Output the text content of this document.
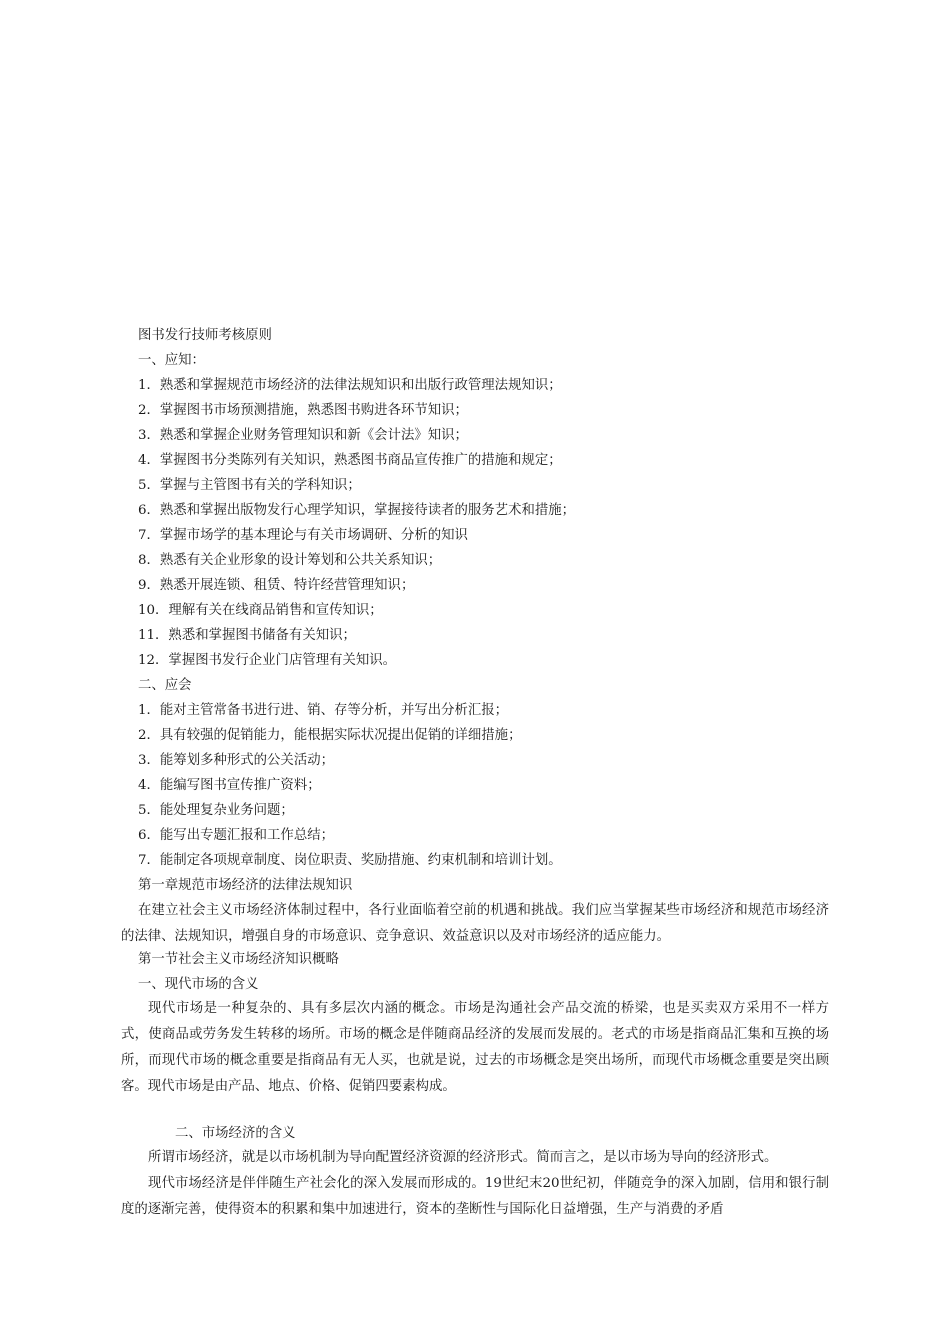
图书发行技师考核原则
一、应知：
1．熟悉和掌握规范市场经济的法律法规知识和出版行政管理法规知识；
2．掌握图书市场预测措施，熟悉图书购进各环节知识；
3．熟悉和掌握企业财务管理知识和新《会计法》知识；
4．掌握图书分类陈列有关知识，熟悉图书商品宣传推广的措施和规定；
5．掌握与主管图书有关的学科知识；
6．熟悉和掌握出版物发行心理学知识，掌握接待读者的服务艺术和措施；
7．掌握市场学的基本理论与有关市场调研、分析的知识
8．熟悉有关企业形象的设计筹划和公共关系知识；
9．熟悉开展连锁、租赁、特许经营管理知识；
10．理解有关在线商品销售和宣传知识；
11．熟悉和掌握图书储备有关知识；
12．掌握图书发行企业门店管理有关知识。
二、应会
1．能对主管常备书进行进、销、存等分析，并写出分析汇报；
2．具有较强的促销能力，能根据实际状况提出促销的详细措施；
3．能筹划多种形式的公关活动；
4．能编写图书宣传推广资料；
5．能处理复杂业务问题；
6．能写出专题汇报和工作总结；
7．能制定各项规章制度、岗位职责、奖励措施、约束机制和培训计划。
第一章规范市场经济的法律法规知识
在建立社会主义市场经济体制过程中，各行业面临着空前的机遇和挑战。我们应当掌握某些市场经济和规范市场经济的法律、法规知识，增强自身的市场意识、竞争意识、效益意识以及对市场经济的适应能力。
第一节社会主义市场经济知识概略
一、现代市场的含义
现代市场是一种复杂的、具有多层次内涵的概念。市场是沟通社会产品交流的桥梁，也是买卖双方采用不一样方式，使商品或劳务发生转移的场所。市场的概念是伴随商品经济的发展而发展的。老式的市场是指商品汇集和互换的场所，而现代市场的概念重要是指商品有无人买，也就是说，过去的市场概念是突出场所，而现代市场概念重要是突出顾客。现代市场是由产品、地点、价格、促销四要素构成。
二、市场经济的含义
所谓市场经济，就是以市场机制为导向配置经济资源的经济形式。简而言之，是以市场为导向的经济形式。
现代市场经济是伴伴随生产社会化的深入发展而形成的。19世纪末20世纪初，伴随竞争的深入加剧，信用和银行制度的逐渐完善，使得资本的积累和集中加速进行，资本的垄断性与国际化日益增强，生产与消费的矛盾
